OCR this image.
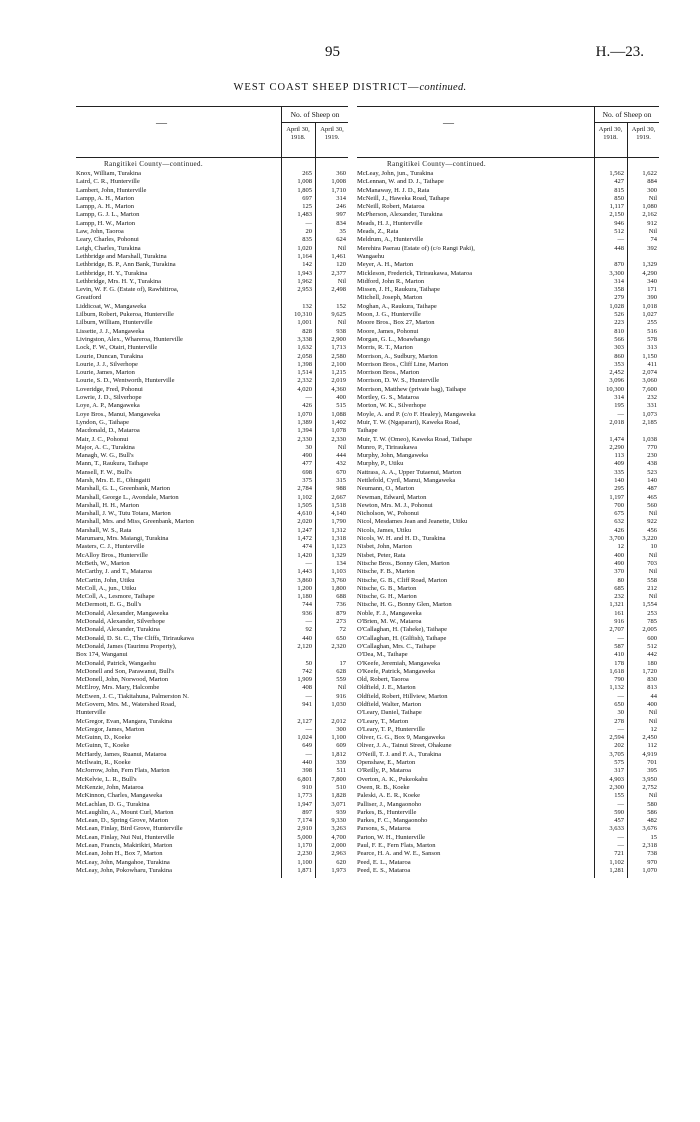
95	H.—23.
WEST COAST SHEEP DISTRICT—continued.
—
No. of Sheep on
April 30,
1918.
April 30,
1919.
Rangitikei County—continued.
Knox, William, Turakina	265	360
Laird, C. R., Hunterville	1,008	1,008
Lambert, John, Hunterville	1,805	1,710
Lampp, A. H., Marton	697	314
Lampp, A. H., Marton	125	246
Lampp, G. J. L., Marton	1,483	997
Lampp, H. W., Marton	—	834
Law, John, Taoroa	20	35
Leary, Charles, Pohonui	835	624
Leigh, Charles, Turakina	1,020	Nil
Lethbridge and Marshall, Turakina	1,164	1,461
Lethbridge, B. P., Ann Bank, Turakina	142	120
Lethbridge, H. Y., Turakina	1,943	2,377
Lethbridge, Mrs. H. Y., Turakina	1,962	Nil
Levin, W. F. G. (Estate of), Rawhitiroa,	2,953	2,498
Greatford
Liddicoat, W., Mangaweka	132	152
Lilburn, Robert, Pukeroa, Hunterville	10,310	9,625
Lilburn, William, Hunterville	1,001	Nil
Lissette, J. J., Mangaweka	828	938
Livingston, Alex., Whareroa, Hunterville	3,338	2,900
Lock, F. W., Otairi, Hunterville	1,632	1,713
Lourie, Duncan, Turakina	2,058	2,580
Lourie, J. J., Silverhope	1,398	2,100
Lourie, James, Marton	1,514	1,215
Lourie, S. D., Wentworth, Hunterville	2,332	2,019
Loveridge, Fred, Pohonui	4,020	4,360
Lowrie, J. D., Silverhope	—	400
Loye, A. P., Mangaweka	426	515
Loye Bros., Manui, Mangaweka	1,070	1,088
Lyndon, G., Taihape	1,389	1,402
Macdonald, D., Mataroa	1,394	1,078
Mair, J. C., Pohonui	2,330	2,330
Major, A. C., Turakina	30	Nil
Managh, W. G., Bull's	490	444
Mann, T., Raukura, Taihape	477	432
Mansell, F. W., Bull's	698	670
Marsh, Mrs. E. E., Ohingaiti	375	315
Marshall, G. L., Greenbank, Marton	2,784	988
Marshall, George L., Avondale, Marton	1,102	2,667
Marshall, H. H., Marton	1,505	1,518
Marshall, J. W., Tutu Totara, Marton	4,610	4,140
Marshall, Mrs. and Miss, Greenbank, Marton	2,020	1,790
Marshall, W. S., Rata	1,247	1,312
Marumaru, Mrs. Maiangi, Turakina	1,472	1,318
Masters, C. J., Hunterville	474	1,123
McAlloy Bros., Hunterville	1,420	1,329
McBeth, W., Marton	—	134
McCarthy, J. and T., Mataroa	1,443	1,103
McCartin, John, Utiku	3,860	3,760
McColl, A., jun., Utiku	1,200	1,800
McColl, A., Lesmore, Taihape	1,180	688
McDermott, E. G., Bull's	744	736
McDonald, Alexander, Mangaweka	936	879
McDonald, Alexander, Silverhope	—	273
McDonald, Alexander, Turakina	92	72
McDonald, D. St. C., The Cliffs, Tiriraukawa	440	650
McDonald, James (Taurimu Property),	2,120	2,320
Box 174, Wanganui
McDonald, Patrick, Wangaehu	50	17
McDonell and Son, Parawanui, Bull's	742	628
McDonell, John, Norwood, Marton	1,909	559
McElroy, Mrs. Mary, Halcombe	408	Nil
McEwen, J. C., Tiakitahuna, Palmerston N.	—	916
McGovern, Mrs. M., Watershed Road,	941	1,030
Hunterville
McGregor, Evan, Mangara, Turakina	2,127	2,012
McGregor, James, Marton	—	300
McGuinn, D., Koeke	1,024	1,100
McGuinn, T., Koeke	649	609
McHardy, James, Ruanui, Mataroa	—	1,812
McIlwain, R., Koeke	440	339
McJorrow, John, Fern Flats, Marton	398	511
McKelvie, L. R., Bull's	6,801	7,800
McKenzie, John, Mataroa	910	510
McKinnon, Charles, Mangaweka	1,773	1,828
McLachlan, D. G., Turakina	1,947	3,071
McLaughlin, A., Mount Curl, Marton	897	939
McLean, D., Spring Grove, Marton	7,174	9,330
McLean, Finlay, Bird Grove, Hunterville	2,910	3,263
McLean, Finlay, Nui Nui, Hunterville	5,000	4,700
McLean, Francis, Makirikiri, Marton	1,170	2,000
McLean, John H., Box 7, Marton	2,230	2,963
McLeay, John, Mangahoe, Turakina	1,100	620
McLeay, John, Pokowharu, Turakina	1,871	1,973
—
No. of Sheep on
April 30,
1918.
April 30,
1919.
Rangitikei County—continued.
McLeay, John, jun., Turakina	1,562	1,622
McLennan, W. and D. J., Taihape	427	884
McManaway, H. J. D., Rata	815	300
McNeill, J., Haweka Road, Taihape	850	Nil
McNeill, Robert, Mataroa	1,117	1,080
McPherson, Alexander, Turakina	2,150	2,162
Meads, H. J., Hunterville	946	912
Meads, Z., Rata	512	Nil
Meldrum, A., Hunterville	—	74
Merehira Paerau (Estate of) (c/o Rangi Paki),	448	392
Wangaehu
Meyer, A. H., Marton	870	1,329
Mickleson, Frederick, Tiriraukawa, Mataroa	3,300	4,290
Midford, John R., Marton	314	340
Missen, J. H., Raukura, Taihape	358	171
Mitchell, Joseph, Marton	279	390
Moghan, A., Raukura, Taihape	1,028	1,018
Moon, J. G., Hunterville	526	1,027
Moore Bros., Box 27, Marton	223	255
Moore, James, Pohonui	810	516
Morgan, G. L., Moawhango	566	578
Morris, R. T., Marton	303	313
Morrison, A., Sudbury, Marton	860	1,150
Morrison Bros., Cliff Line, Marton	353	411
Morrison Bros., Marton	2,452	2,074
Morrison, D. W. S., Hunterville	3,096	3,060
Morrison, Matthew (private bag), Taihape	10,300	7,600
Mortley, G. S., Mataroa	314	232
Morton, W. K., Silverhope	195	331
Moyle, A. and P. (c/o F. Healey), Mangaweka	—	1,073
Muir, T. W. (Ngaparari), Kaweka Road,	2,018	2,185
Taihape
Muir, T. W. (Omeo), Kaweka Road, Taihape	1,474	1,038
Munro, P., Tiriraukawa	2,290	770
Murphy, John, Mangaweka	113	230
Murphy, P., Utiku	409	438
Nattrass, A. A., Upper Tutaenui, Marton	335	523
Nettlefold, Cyril, Manui, Mangaweka	140	140
Neumann, O., Marton	295	487
Newman, Edward, Marton	1,197	465
Newton, Mrs. M. J., Pohonui	700	560
Nicholson, W., Pohonui	675	Nil
Nicol, Mesdames Jean and Jeanette, Utiku	632	922
Nicols, James, Utiku	426	456
Nicols, W. H. and H. D., Turakina	3,700	3,220
Nisbet, John, Marton	12	10
Nisbet, Peter, Rata	400	Nil
Nitsche Bros., Bonny Glen, Marton	490	703
Nitsche, F. B., Marton	370	Nil
Nitsche, G. B., Cliff Road, Marton	80	558
Nitsche, G. B., Marton	685	212
Nitsche, G. H., Marton	232	Nil
Nitsche, H. G., Bonny Glen, Marton	1,321	1,554
Noble, F. J., Mangaweka	161	253
O'Brien, M. W., Mataroa	916	785
O'Callaghan, H. (Taheke), Taihape	2,707	2,005
O'Callaghan, H. (Gilfish), Taihape	—	600
O'Callaghan, Mrs. C., Taihape	587	512
O'Dea, M., Taihape	410	442
O'Keefe, Jeremiah, Mangaweka	178	180
O'Keefe, Patrick, Mangaweka	1,618	1,720
Old, Robert, Taoroa	790	830
Oldfield, J. E., Marton	1,132	813
Oldfield, Robert, Hillview, Marton	—	44
Oldfield, Walter, Marton	650	400
O'Leary, Daniel, Taihape	30	Nil
O'Leary, T., Marton	278	Nil
O'Leary, T. P., Hunterville	—	12
Oliver, G. G., Box 9, Mangaweka	2,594	2,450
Oliver, J. A., Tainui Street, Ohakune	202	112
O'Neill, T. J. and F. A., Turakina	3,705	4,919
Openshaw, E., Marton	575	701
O'Reilly, P., Mataroa	317	395
Overton, A. K., Pukeokahu	4,903	3,950
Owen, R. B., Koeke	2,300	2,752
Paleski, A. E. R., Koeke	155	Nil
Palliser, J., Mangaonoho	—	580
Parkes, B., Hunterville	590	586
Parkes, F. C., Mangaonoho	457	482
Parsons, S., Mataroa	3,633	3,676
Parton, W. H., Hunterville	—	15
Paul, F. E., Fern Flats, Marton	—	2,318
Pearce, H. A. and W. E., Sanson	721	738
Peed, E. L., Mataroa	1,102	970
Peed, E. S., Mataroa	1,281	1,070
